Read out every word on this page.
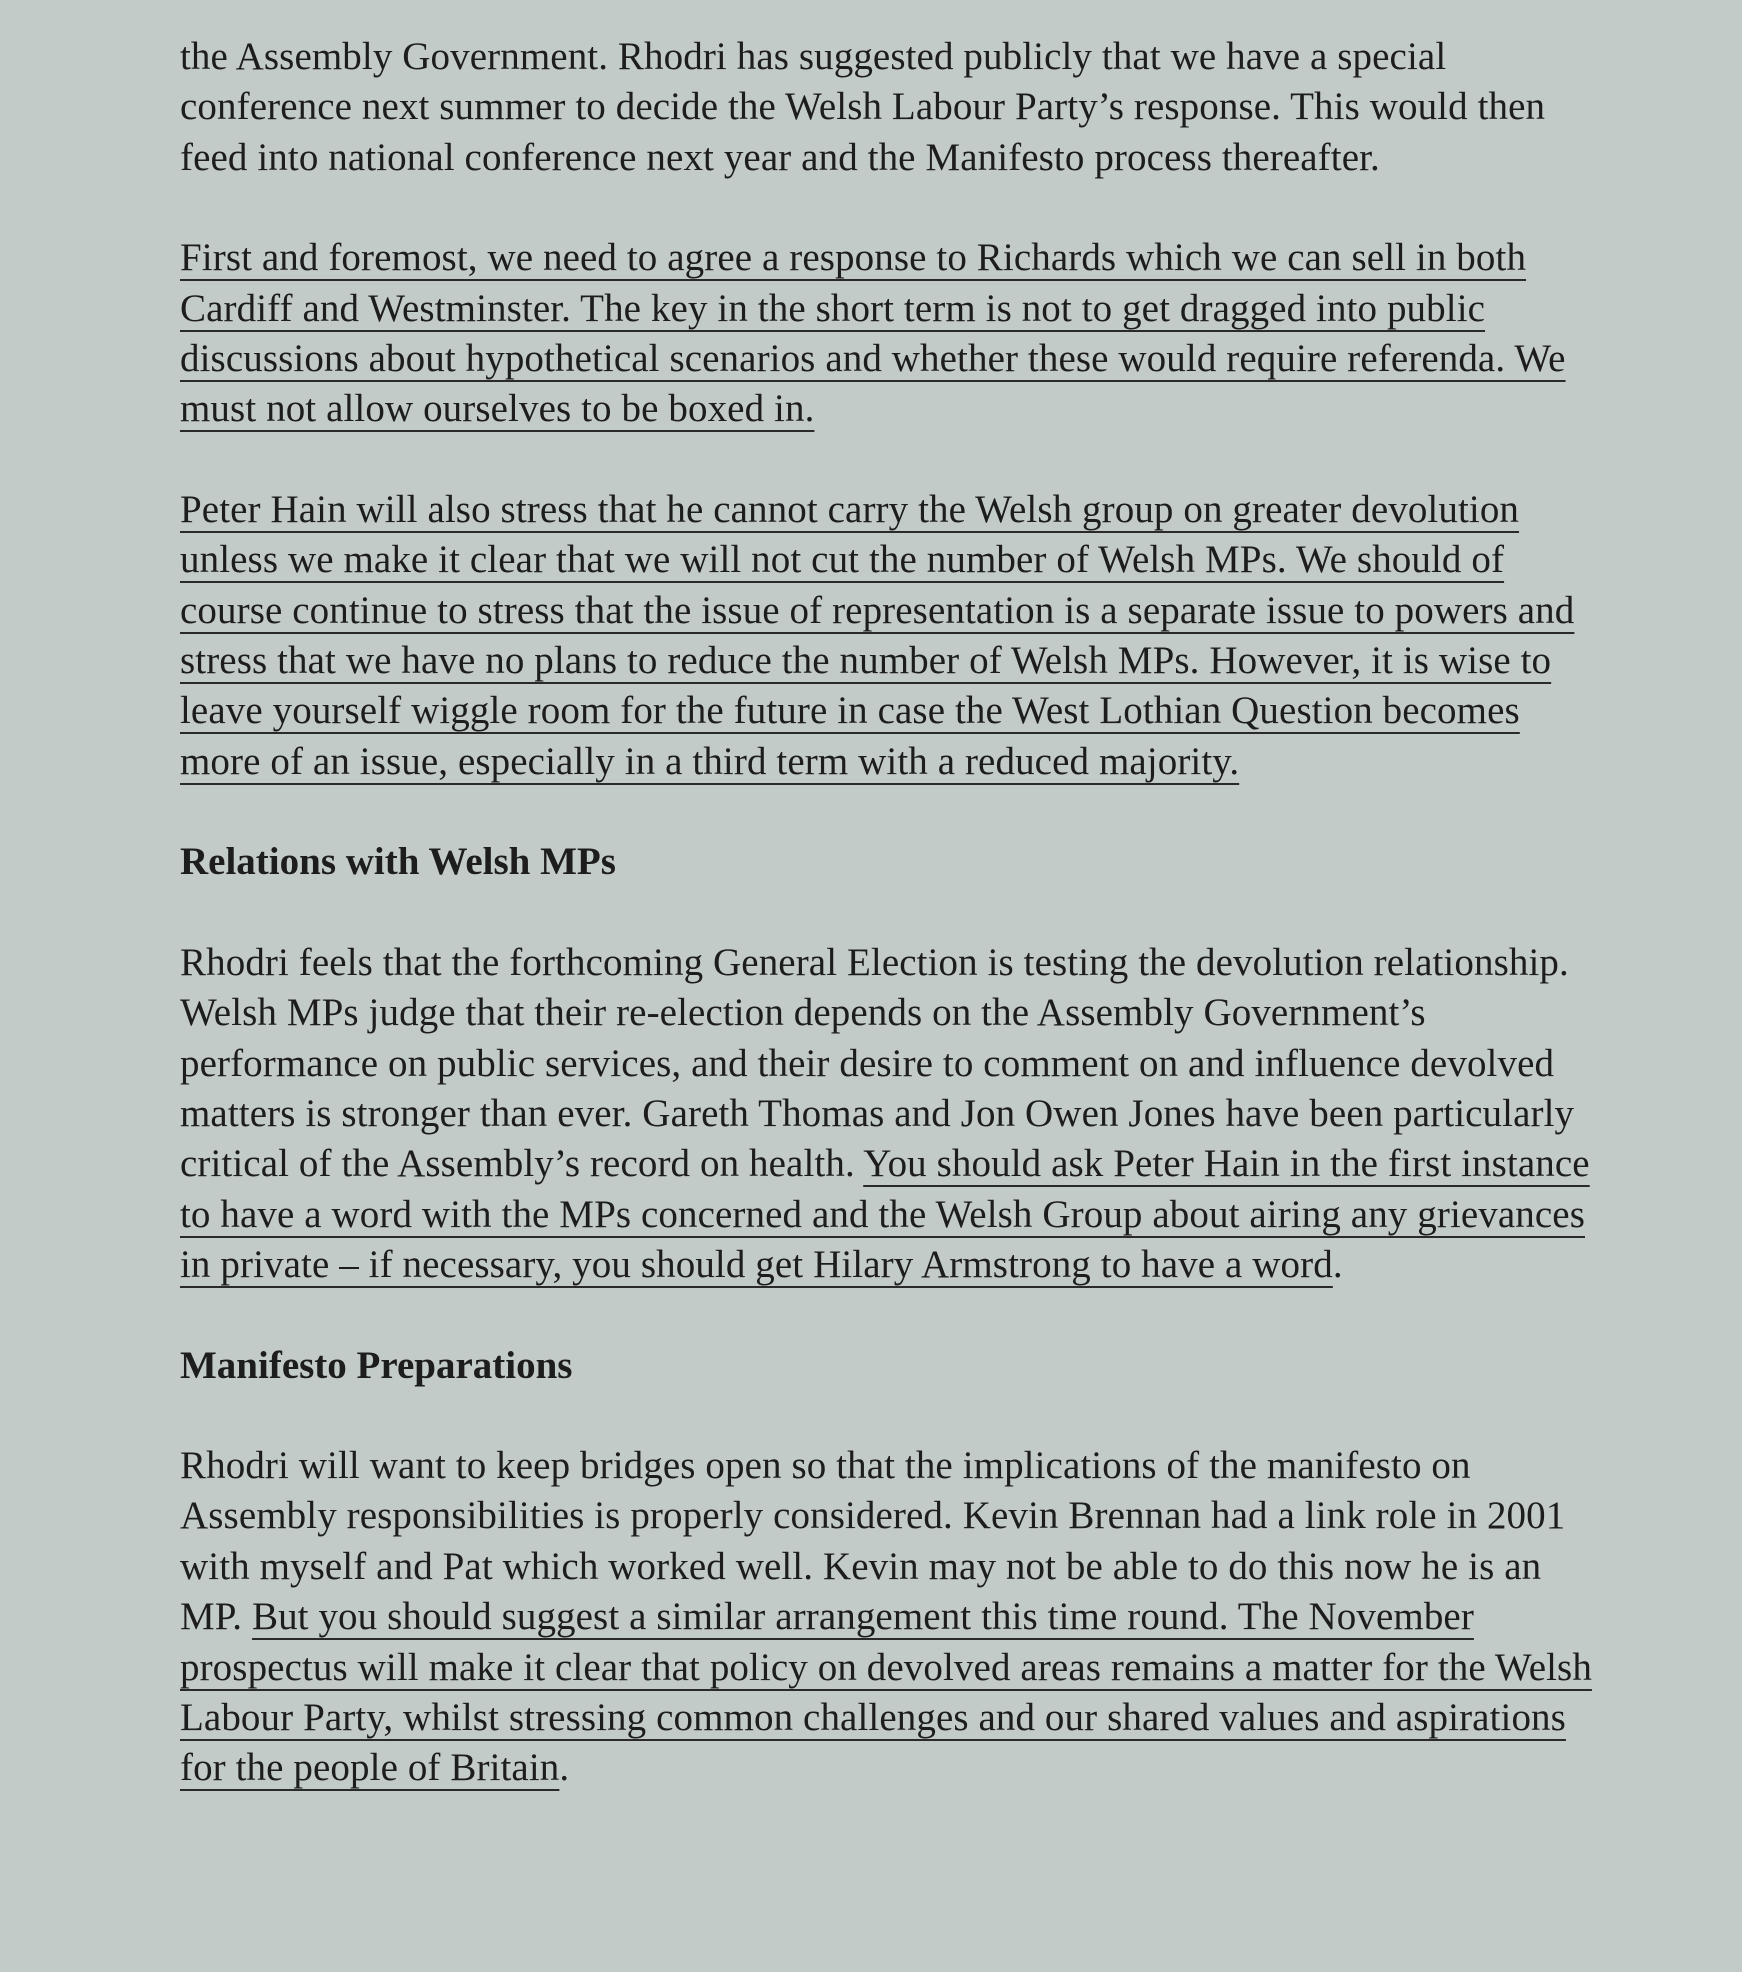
the Assembly Government. Rhodri has suggested publicly that we have a special conference next summer to decide the Welsh Labour Party’s response. This would then feed into national conference next year and the Manifesto process thereafter.

First and foremost, we need to agree a response to Richards which we can sell in both Cardiff and Westminster. The key in the short term is not to get dragged into public discussions about hypothetical scenarios and whether these would require referenda. We must not allow ourselves to be boxed in.

Peter Hain will also stress that he cannot carry the Welsh group on greater devolution unless we make it clear that we will not cut the number of Welsh MPs. We should of course continue to stress that the issue of representation is a separate issue to powers and stress that we have no plans to reduce the number of Welsh MPs. However, it is wise to leave yourself wiggle room for the future in case the West Lothian Question becomes more of an issue, especially in a third term with a reduced majority.

Relations with Welsh MPs

Rhodri feels that the forthcoming General Election is testing the devolution relationship. Welsh MPs judge that their re-election depends on the Assembly Government’s performance on public services, and their desire to comment on and influence devolved matters is stronger than ever. Gareth Thomas and Jon Owen Jones have been particularly critical of the Assembly’s record on health. You should ask Peter Hain in the first instance to have a word with the MPs concerned and the Welsh Group about airing any grievances in private – if necessary, you should get Hilary Armstrong to have a word.

Manifesto Preparations

Rhodri will want to keep bridges open so that the implications of the manifesto on Assembly responsibilities is properly considered. Kevin Brennan had a link role in 2001 with myself and Pat which worked well. Kevin may not be able to do this now he is an MP. But you should suggest a similar arrangement this time round. The November prospectus will make it clear that policy on devolved areas remains a matter for the Welsh Labour Party, whilst stressing common challenges and our shared values and aspirations for the people of Britain.
